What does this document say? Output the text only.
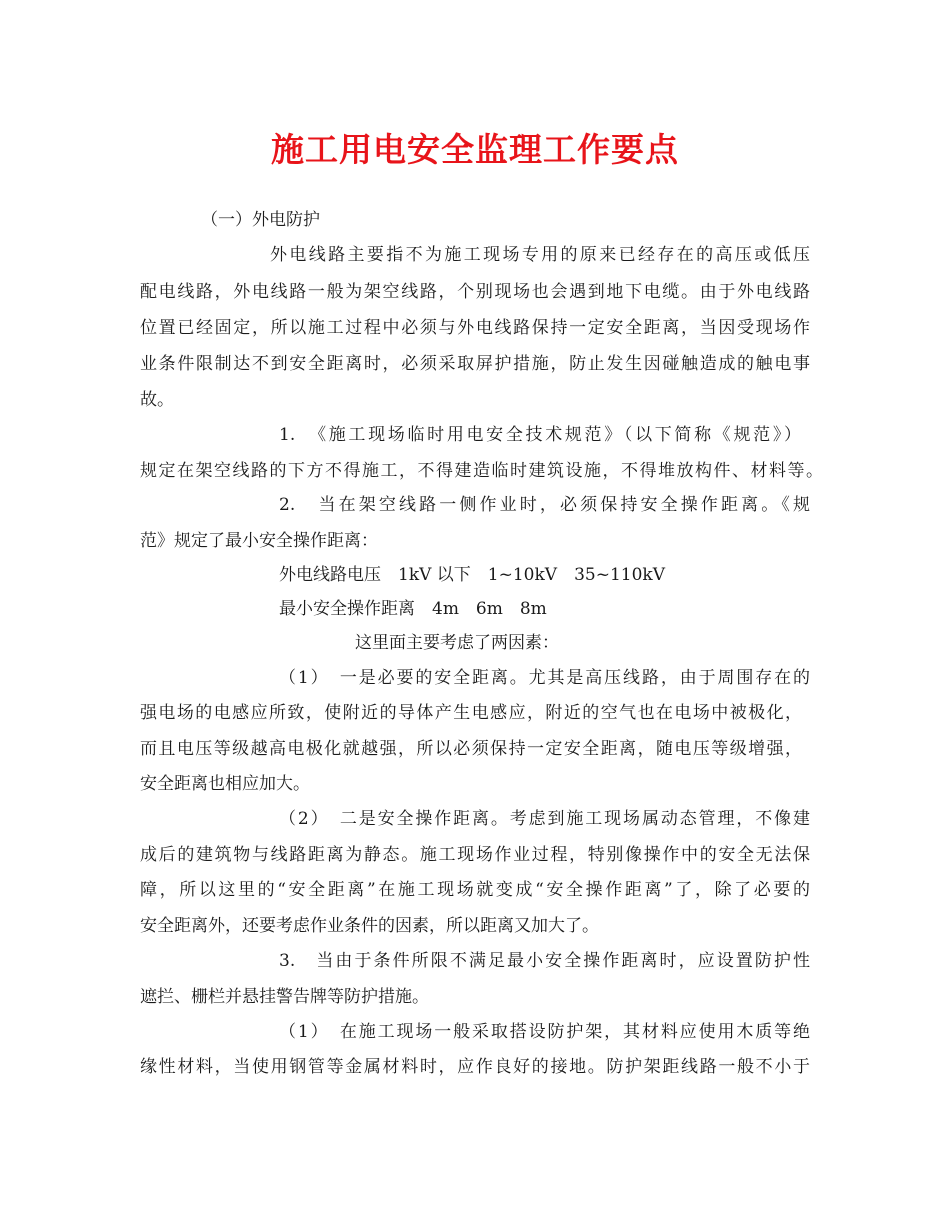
施工用电安全监理工作要点

（一）外电防护

外电线路主要指不为施工现场专用的原来已经存在的高压或低压

配电线路，外电线路一般为架空线路，个别现场也会遇到地下电缆。由于外电线路

位置已经固定，所以施工过程中必须与外电线路保持一定安全距离，当因受现场作

业条件限制达不到安全距离时，必须采取屏护措施，防止发生因碰触造成的触电事

故。

1.　《施工现场临时用电安全技术规范》（以下简称《规范》）

规定在架空线路的下方不得施工，不得建造临时建筑设施，不得堆放构件、材料等。

2.　当在架空线路一侧作业时，必须保持安全操作距离。《规

范》规定了最小安全操作距离：

外电线路电压　1kV 以下　1~10kV　35~110kV

最小安全操作距离　4m　6m　8m

这里面主要考虑了两因素：

（1）　一是必要的安全距离。尤其是高压线路，由于周围存在的

强电场的电感应所致，使附近的导体产生电感应，附近的空气也在电场中被极化，

而且电压等级越高电极化就越强，所以必须保持一定安全距离，随电压等级增强，

安全距离也相应加大。

（2）　二是安全操作距离。考虑到施工现场属动态管理，不像建

成后的建筑物与线路距离为静态。施工现场作业过程，特别像操作中的安全无法保

障，所以这里的“安全距离”在施工现场就变成“安全操作距离”了，除了必要的

安全距离外，还要考虑作业条件的因素，所以距离又加大了。

3.　当由于条件所限不满足最小安全操作距离时，应设置防护性

遮拦、栅栏并悬挂警告牌等防护措施。

（1）　在施工现场一般采取搭设防护架，其材料应使用木质等绝

缘性材料，当使用钢管等金属材料时，应作良好的接地。防护架距线路一般不小于
